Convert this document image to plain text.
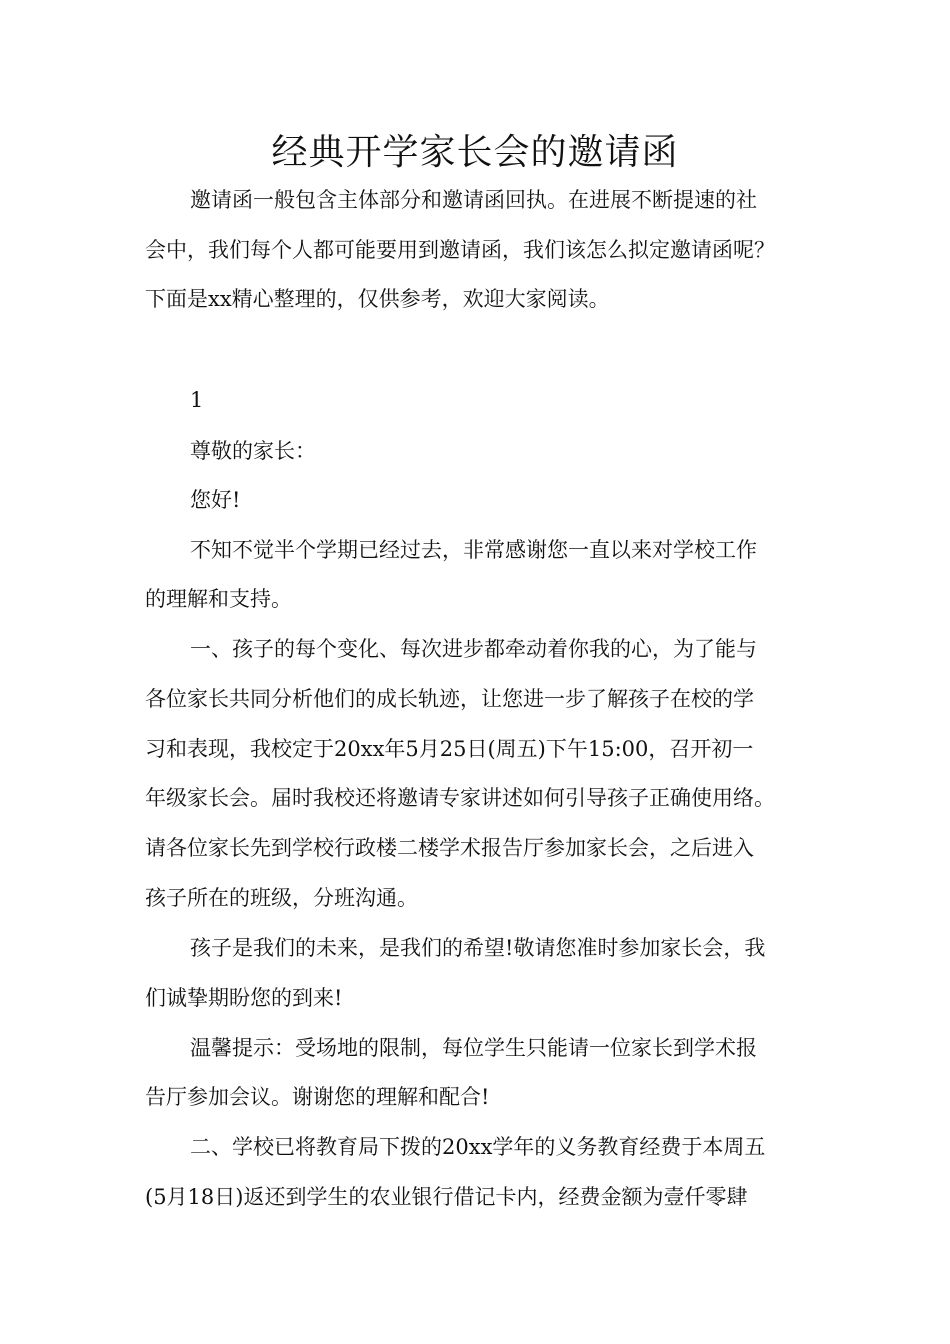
经典开学家长会的邀请函

邀请函一般包含主体部分和邀请函回执。在进展不断提速的社

会中，我们每个人都可能要用到邀请函，我们该怎么拟定邀请函呢？

下面是xx精心整理的，仅供参考，欢迎大家阅读。

1

尊敬的家长：

您好!

不知不觉半个学期已经过去，非常感谢您一直以来对学校工作

的理解和支持。

一、孩子的每个变化、每次进步都牵动着你我的心，为了能与

各位家长共同分析他们的成长轨迹，让您进一步了解孩子在校的学

习和表现，我校定于20xx年5月25日(周五)下午15:00，召开初一

年级家长会。届时我校还将邀请专家讲述如何引导孩子正确使用络。

请各位家长先到学校行政楼二楼学术报告厅参加家长会，之后进入

孩子所在的班级，分班沟通。

孩子是我们的未来，是我们的希望!敬请您准时参加家长会，我

们诚挚期盼您的到来!

温馨提示：受场地的限制，每位学生只能请一位家长到学术报

告厅参加会议。谢谢您的理解和配合!

二、学校已将教育局下拨的20xx学年的义务教育经费于本周五

(5月18日)返还到学生的农业银行借记卡内，经费金额为壹仟零肆
